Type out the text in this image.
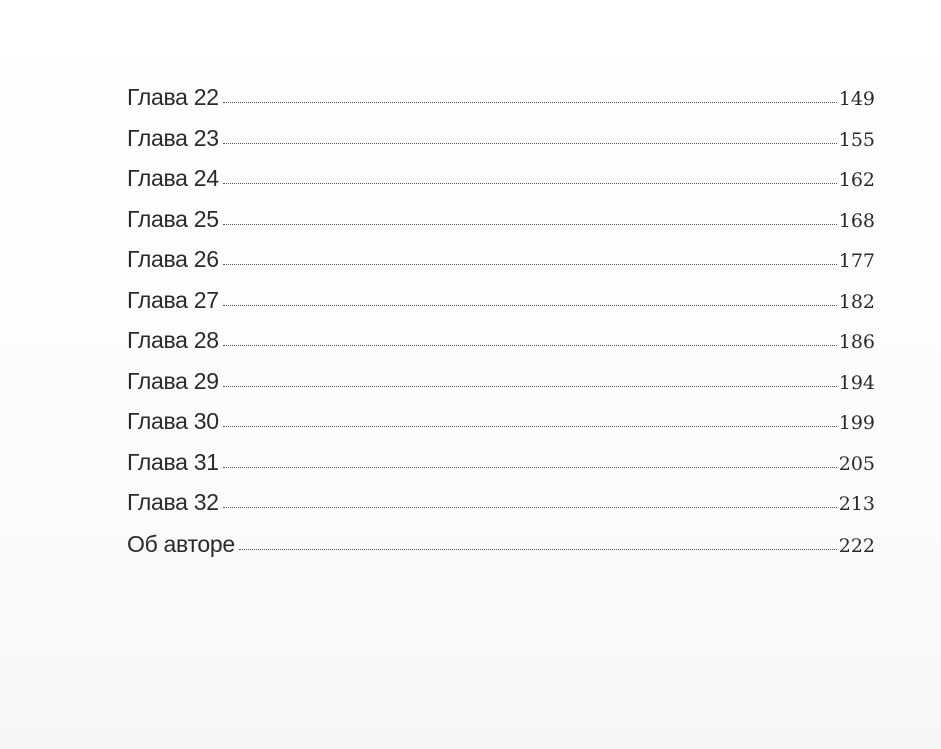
Глава 22	149
Глава 23	155
Глава 24	162
Глава 25	168
Глава 26	177
Глава 27	182
Глава 28	186
Глава 29	194
Глава 30	199
Глава 31	205
Глава 32	213
Об авторе	222
